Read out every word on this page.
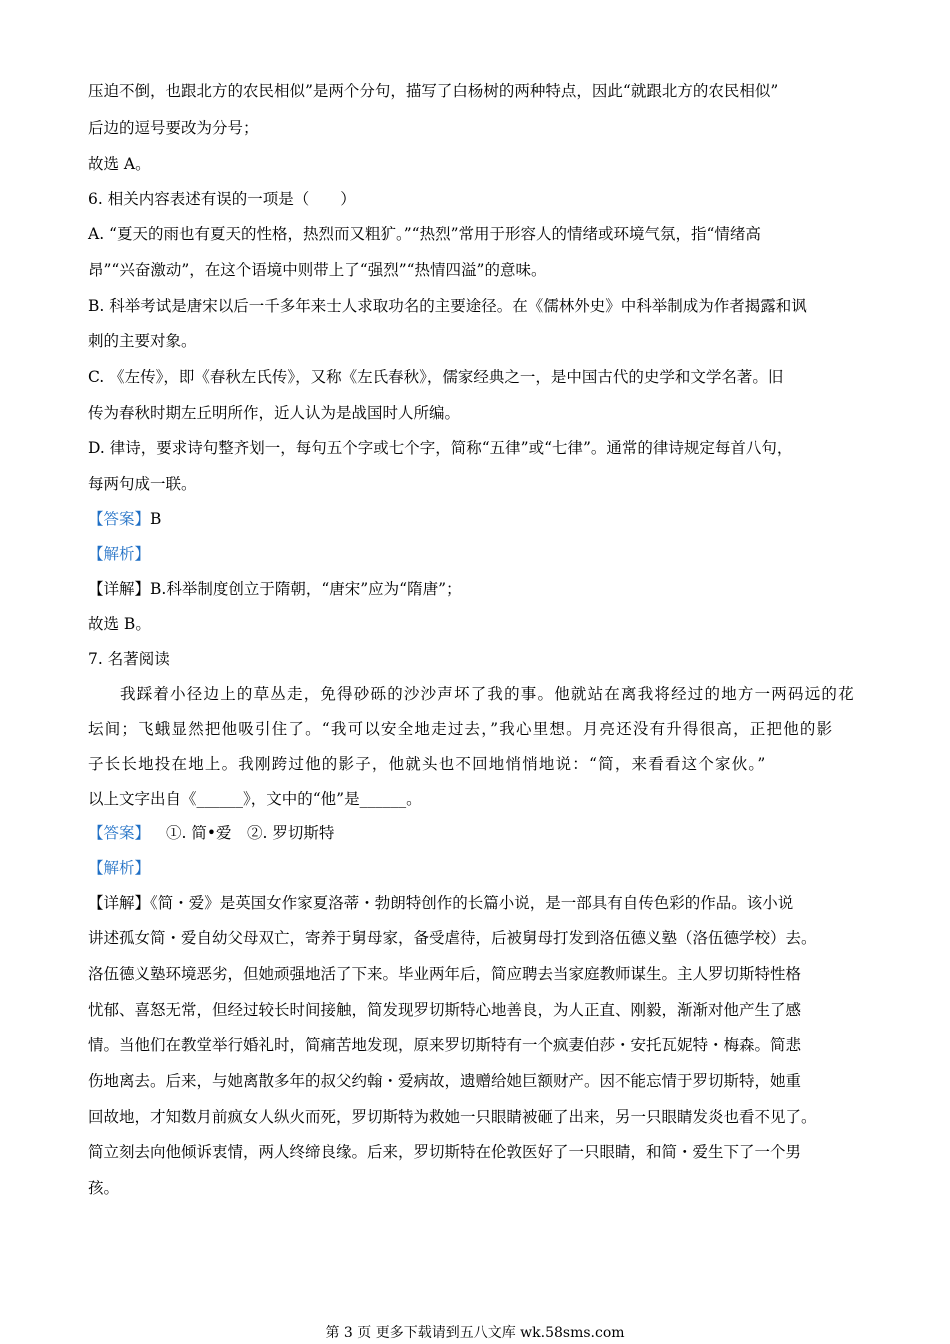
压迫不倒，也跟北方的农民相似”是两个分句，描写了白杨树的两种特点，因此“就跟北方的农民相似”
后边的逗号要改为分号；
故选 A。
6. 相关内容表述有误的一项是（　　）
A. “夏天的雨也有夏天的性格，热烈而又粗犷。”“热烈”常用于形容人的情绪或环境气氛，指“情绪高
昂”“兴奋激动”，在这个语境中则带上了“强烈”“热情四溢”的意味。
B. 科举考试是唐宋以后一千多年来士人求取功名的主要途径。在《儒林外史》中科举制成为作者揭露和讽
刺的主要对象。
C. 《左传》，即《春秋左氏传》，又称《左氏春秋》，儒家经典之一，是中国古代的史学和文学名著。旧
传为春秋时期左丘明所作，近人认为是战国时人所编。
D. 律诗，要求诗句整齐划一，每句五个字或七个字，简称“五律”或“七律”。通常的律诗规定每首八句，
每两句成一联。
【答案】B
【解析】
【详解】B.科举制度创立于隋朝，“唐宋”应为“隋唐”；
故选 B。
7. 名著阅读
我踩着小径边上的草丛走，免得砂砾的沙沙声坏了我的事。他就站在离我将经过的地方一两码远的花
坛间；飞蛾显然把他吸引住了。“我可以安全地走过去，”我心里想。月亮还没有升得很高，正把他的影
子长长地投在地上。我刚跨过他的影子，他就头也不回地悄悄地说：“简，来看看这个家伙。”
以上文字出自《______》，文中的“他”是______。
【答案】 ①. 简•爱　②. 罗切斯特
【解析】
【详解】《简・爱》是英国女作家夏洛蒂・勃朗特创作的长篇小说，是一部具有自传色彩的作品。该小说
讲述孤女简・爱自幼父母双亡，寄养于舅母家，备受虐待，后被舅母打发到洛伍德义塾（洛伍德学校）去。
洛伍德义塾环境恶劣，但她顽强地活了下来。毕业两年后，简应聘去当家庭教师谋生。主人罗切斯特性格
忧郁、喜怒无常，但经过较长时间接触，简发现罗切斯特心地善良，为人正直、刚毅，渐渐对他产生了感
情。当他们在教堂举行婚礼时，简痛苦地发现，原来罗切斯特有一个疯妻伯莎・安托瓦妮特・梅森。简悲
伤地离去。后来，与她离散多年的叔父约翰・爱病故，遗赠给她巨额财产。因不能忘情于罗切斯特，她重
回故地，才知数月前疯女人纵火而死，罗切斯特为救她一只眼睛被砸了出来，另一只眼睛发炎也看不见了。
简立刻去向他倾诉衷情，两人终缔良缘。后来，罗切斯特在伦敦医好了一只眼睛，和简・爱生下了一个男
孩。
第 3 页 更多下载请到五八文库 wk.58sms.com
